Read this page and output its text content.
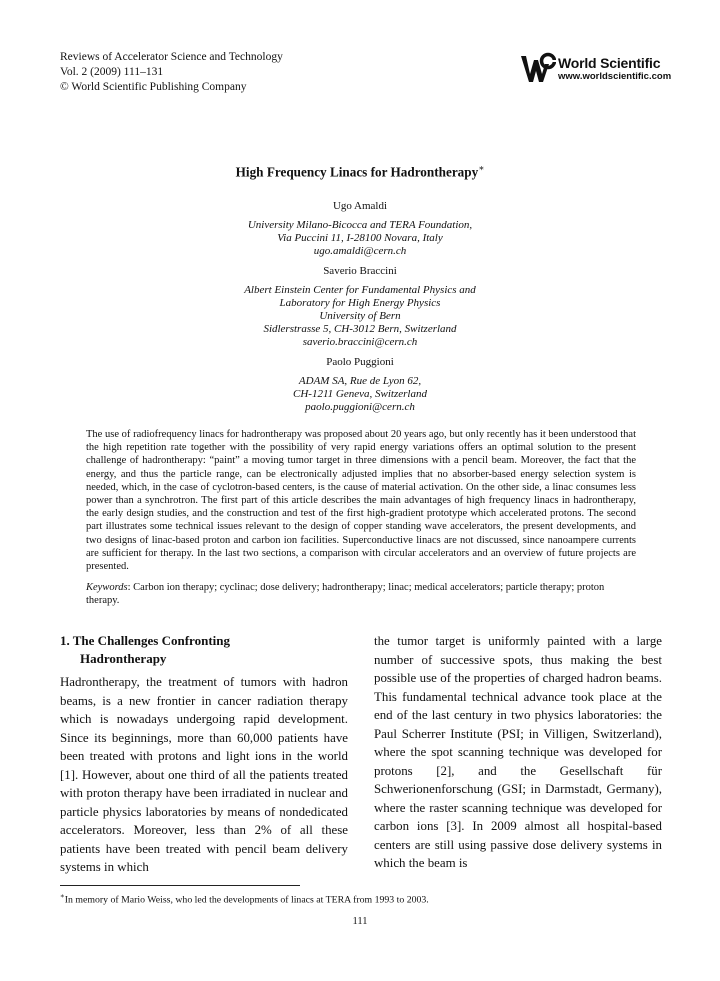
Reviews of Accelerator Science and Technology
Vol. 2 (2009) 111–131
© World Scientific Publishing Company
World Scientific
www.worldscientific.com
High Frequency Linacs for Hadrontherapy∗
Ugo Amaldi
University Milano-Bicocca and TERA Foundation,
Via Puccini 11, I-28100 Novara, Italy
ugo.amaldi@cern.ch
Saverio Braccini
Albert Einstein Center for Fundamental Physics and
Laboratory for High Energy Physics
University of Bern
Sidlerstrasse 5, CH-3012 Bern, Switzerland
saverio.braccini@cern.ch
Paolo Puggioni
ADAM SA, Rue de Lyon 62,
CH-1211 Geneva, Switzerland
paolo.puggioni@cern.ch
The use of radiofrequency linacs for hadrontherapy was proposed about 20 years ago, but only recently has it been understood that the high repetition rate together with the possibility of very rapid energy variations offers an optimal solution to the present challenge of hadrontherapy: “paint” a moving tumor target in three dimensions with a pencil beam. Moreover, the fact that the energy, and thus the particle range, can be electronically adjusted implies that no absorber-based energy selection system is needed, which, in the case of cyclotron-based centers, is the cause of material activation. On the other side, a linac consumes less power than a synchrotron. The first part of this article describes the main advantages of high frequency linacs in hadrontherapy, the early design studies, and the construction and test of the first high-gradient prototype which accelerated protons. The second part illustrates some technical issues relevant to the design of copper standing wave accelerators, the present developments, and two designs of linac-based proton and carbon ion facilities. Superconductive linacs are not discussed, since nanoampere currents are sufficient for therapy. In the last two sections, a comparison with circular accelerators and an overview of future projects are presented.
Keywords: Carbon ion therapy; cyclinac; dose delivery; hadrontherapy; linac; medical accelerators; particle therapy; proton therapy.
1. The Challenges Confronting
Hadrontherapy
Hadrontherapy, the treatment of tumors with hadron beams, is a new frontier in cancer radiation therapy which is nowadays undergoing rapid development. Since its beginnings, more than 60,000 patients have been treated with protons and light ions in the world [1]. However, about one third of all the patients treated with proton therapy have been irradiated in nuclear and particle physics laboratories by means of nondedicated accelerators. Moreover, less than 2% of all these patients have been treated with pencil beam delivery systems in which
the tumor target is uniformly painted with a large number of successive spots, thus making the best possible use of the properties of charged hadron beams. This fundamental technical advance took place at the end of the last century in two physics laboratories: the Paul Scherrer Institute (PSI; in Villigen, Switzerland), where the spot scanning technique was developed for protons [2], and the Gesellschaft für Schwerionenforschung (GSI; in Darmstadt, Germany), where the raster scanning technique was developed for carbon ions [3]. In 2009 almost all hospital-based centers are still using passive dose delivery systems in which the beam is
∗In memory of Mario Weiss, who led the developments of linacs at TERA from 1993 to 2003.
111
